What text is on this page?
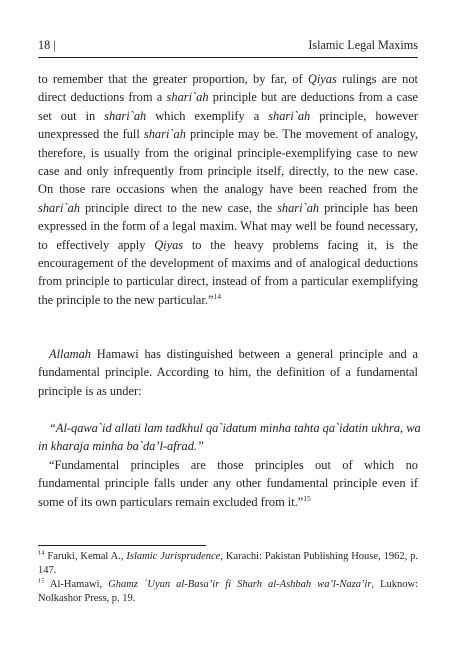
18 |	Islamic Legal Maxims
to remember that the greater proportion, by far, of Qiyas rulings are not
direct deductions from a shari`ah principle but are deductions from a case
set out in shari`ah which exemplify a shari`ah principle, however
unexpressed the full shari`ah principle may be. The movement of analogy,
therefore, is usually from the original principle-exemplifying case to new
case and only infrequently from principle itself, directly, to the new case.
On those rare occasions when the analogy have been reached from the
shari`ah principle direct to the new case, the shari`ah principle has been
expressed in the form of a legal maxim. What may well be found necessary,
to effectively apply Qiyas to the heavy problems facing it, is the
encouragement of the development of maxims and of analogical deductions
from principle to particular direct, instead of from a particular exemplifying
the principle to the new particular.”$^{14}$
Allamah Hamawi has distinguished between a general principle and a
fundamental principle. According to him, the definition of a fundamental
principle is as under:
“Al-qawa`id allati lam tadkhul qa`idatum minha tahta qa`idatin ukhra, wa
in kharaja minha ba`da’l-afrad.”
“Fundamental principles are those principles out of which no
fundamental principle falls under any other fundamental principle even if
some of its own particulars remain excluded from it.”$^{15}$
$^{14}$ Faruki, Kemal A., Islamic Jurisprudence, Karachi: Pakistan Publishing House, 1962, p.
147.
$^{15}$ Al-Hamawi, Ghamz `Uyun al-Basa’ir fi Sharh al-Ashbah wa’l-Naza’ir, Luknow:
Nolkashor Press, p. 19.
